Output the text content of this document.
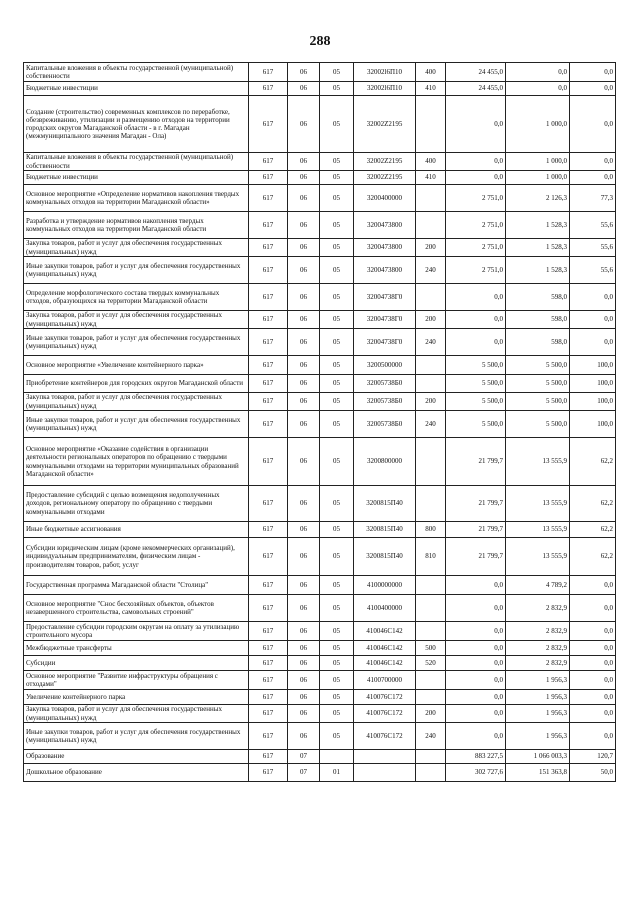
288
Капитальные вложения в объекты государственной (муниципальной) собственности	617	06	05	32002l6П10	400	24 455,0	0,0	0,0
Бюджетные инвестиции	617	06	05	32002l6П10	410	24 455,0	0,0	0,0
Создание (строительство) современных комплексов по переработке, обезвреживанию, утилизации и размещению отходов на территории городских округов Магаданской области - в г. Магадан (межмуниципального значения Магадан - Ола)	617	06	05	32002Z2195		0,0	1 000,0	0,0
Капитальные вложения в объекты государственной (муниципальной) собственности	617	06	05	32002Z2195	400	0,0	1 000,0	0,0
Бюджетные инвестиции	617	06	05	32002Z2195	410	0,0	1 000,0	0,0
Основное мероприятие «Определение нормативов накопления твердых коммунальных отходов на территории Магаданской области»	617	06	05	3200400000		2 751,0	2 126,3	77,3
Разработка и утверждение нормативов накопления твердых коммунальных отходов на территории Магаданской области	617	06	05	3200473800		2 751,0	1 528,3	55,6
Закупка товаров, работ и услуг для обеспечения государственных (муниципальных) нужд	617	06	05	3200473800	200	2 751,0	1 528,3	55,6
Иные закупки товаров, работ и услуг для обеспечения государственных (муниципальных) нужд	617	06	05	3200473800	240	2 751,0	1 528,3	55,6
Определение морфологического состава твердых коммунальных отходов, образующихся на территории Магаданской области	617	06	05	32004738Г0		0,0	598,0	0,0
Закупка товаров, работ и услуг для обеспечения государственных (муниципальных) нужд	617	06	05	32004738Г0	200	0,0	598,0	0,0
Иные закупки товаров, работ и услуг для обеспечения государственных (муниципальных) нужд	617	06	05	32004738Г0	240	0,0	598,0	0,0
Основное мероприятие «Увеличение контейнерного парка»	617	06	05	3200500000		5 500,0	5 500,0	100,0
Приобретение контейнеров для городских округов Магаданской области	617	06	05	32005738Б0		5 500,0	5 500,0	100,0
Закупка товаров, работ и услуг для обеспечения государственных (муниципальных) нужд	617	06	05	32005738Б0	200	5 500,0	5 500,0	100,0
Иные закупки товаров, работ и услуг для обеспечения государственных (муниципальных) нужд	617	06	05	32005738Б0	240	5 500,0	5 500,0	100,0
Основное мероприятие «Оказание содействия в организации деятельности региональных операторов по обращению с твердыми коммунальными отходами на территории муниципальных образований Магаданской области»	617	06	05	3200800000		21 799,7	13 555,9	62,2
Предоставление субсидий с целью возмещения недополученных доходов, региональному оператору по обращению с твердыми коммунальными отходами	617	06	05	3200815П40		21 799,7	13 555,9	62,2
Иные бюджетные ассигнования	617	06	05	3200815П40	800	21 799,7	13 555,9	62,2
Субсидии юридическим лицам (кроме некоммерческих организаций), индивидуальным предпринимателям, физическим лицам - производителям товаров, работ, услуг	617	06	05	3200815П40	810	21 799,7	13 555,9	62,2
Государственная программа Магаданской области "Столица"	617	06	05	4100000000		0,0	4 789,2	0,0
Основное мероприятие "Снос бесхозяйных объектов, объектов незавершенного строительства, самовольных строений"	617	06	05	4100400000		0,0	2 832,9	0,0
Предоставление субсидии городским округам на оплату за утилизацию строительного мусора	617	06	05	410046С142		0,0	2 832,9	0,0
Межбюджетные трансферты	617	06	05	410046С142	500	0,0	2 832,9	0,0
Субсидии	617	06	05	410046С142	520	0,0	2 832,9	0,0
Основное мероприятие "Развитие инфраструктуры обращения с отходами"	617	06	05	4100700000		0,0	1 956,3	0,0
Увеличение контейнерного парка	617	06	05	410076С172		0,0	1 956,3	0,0
Закупка товаров, работ и услуг для обеспечения государственных (муниципальных) нужд	617	06	05	410076С172	200	0,0	1 956,3	0,0
Иные закупки товаров, работ и услуг для обеспечения государственных (муниципальных) нужд	617	06	05	410076С172	240	0,0	1 956,3	0,0
Образование	617	07				883 227,5	1 066 003,3	120,7
Дошкольное образование	617	07	01			302 727,6	151 363,8	50,0
